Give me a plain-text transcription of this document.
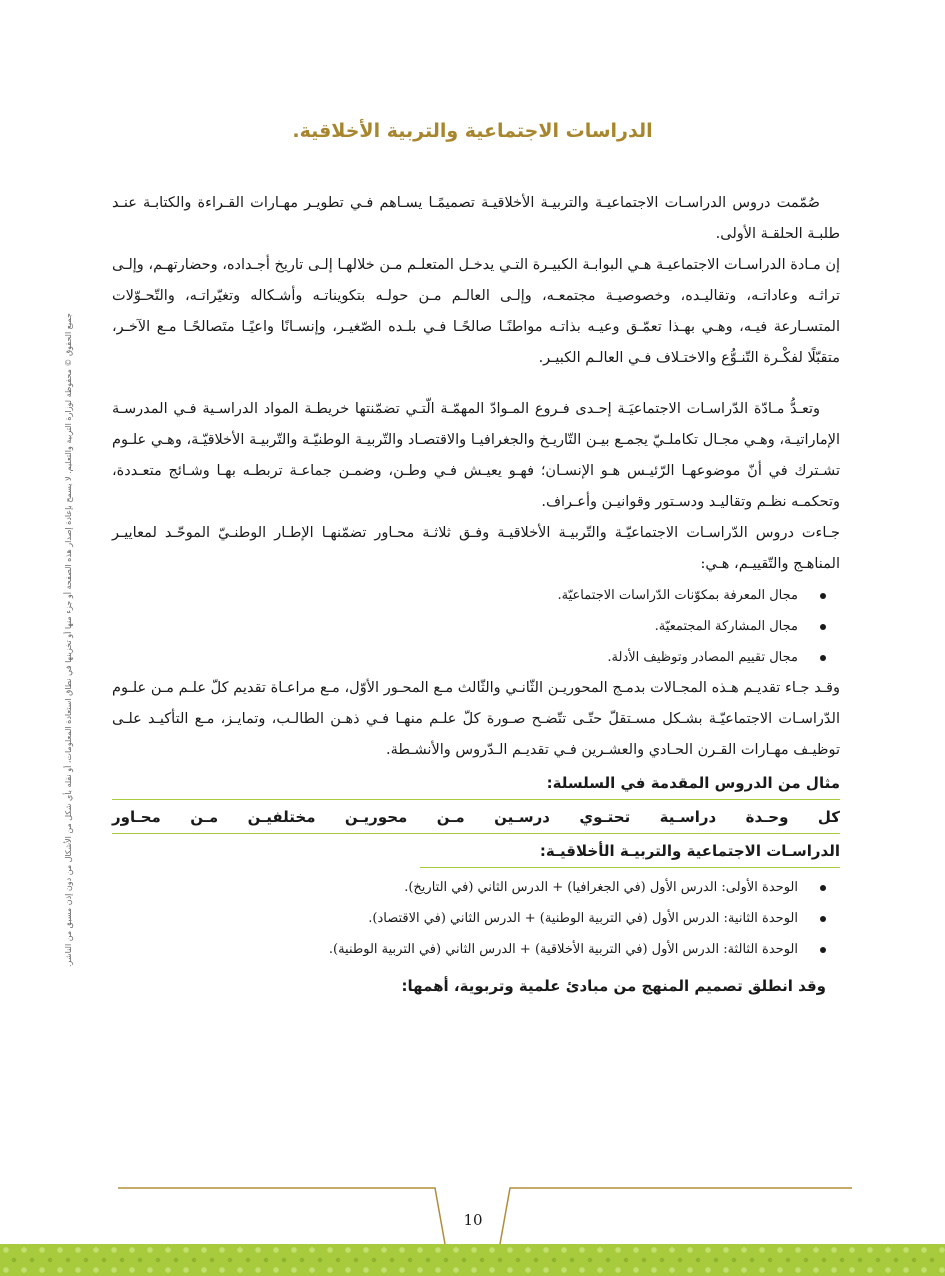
الدراسات الاجتماعية والتربية الأخلاقية.
جميع الحقوق © محفوظة لوزارة التربية والتعليم. لا يسمح بإعادة إصدار هذه الصفحة أو جزء منها أو تخزينها في نطاق استعادة المعلومات، أو نقله بأي شكل من الأشكال من دون إذن مسبق من الناشر.

صُمّمت دروس الدراسـات الاجتماعيـة والتربيـة الأخلاقيـة تصميمًـا يسـاهم فـي تطويـر مهـارات القـراءة والكتابـة عنـد طلبـة الحلقـة الأولى.

إن مـادة الدراسـات الاجتماعيـة هـي البوابـة الكبيـرة التـي يدخـل المتعلـم مـن خلالهـا إلـى تاريخ أجـداده، وحضارتهـم، وإلـى تراثـه وعاداتـه، وتقاليـده، وخصوصيـة مجتمعـه، وإلـى العالـم مـن حولـه بتكويناتـه وأشـكاله وتغيّراتـه، والتّحـوّلات المتسـارعة فيـه، وهـي بهـذا تعمّـق وعيـه بذاتـه مواطنًـا صالحًـا فـي بلـده الصّغيـر، وإنسـانًا واعيًـا متَصالحًـا مـع الآخـر، متقبّلًا لفكْـرة التّنـوُّع والاختـلاف فـي العالـم الكبيـر.

وتعـدُّ مـادّة الدّراسـات الاجتماعيَـة إحـدى فـروع المـوادّ المهمّـة الّتـي تضمّنتها خريطـة المواد الدراسـية فـي المدرسـة الإماراتيـة، وهـي مجـال تكاملـيّ يجمـع بيـن التّاريـخ والجغرافيـا والاقتصـاد والتّربيـة الوطنيّـة والتّربيـة الأخلاقيّـة، وهـي علـوم تشـترك في أنّ موضوعهـا الرّئيـس هـو الإنسـان؛ فهـو يعيـش فـي وطـن، وضمـن جماعـة تربطـه بهـا وشـائج متعـددة، وتحكمـه نظـم وتقاليـد ودسـتور وقوانيـن وأعـراف.

جـاءت دروس الدّراسـات الاجتماعيّـة والتّربيـة الأخلاقيـة وفـق ثلاثـة محـاور تضمّنهـا الإطـار الوطنـيّ الموحّـد لمعاييـر المناهـج والتّقييـم، هـي:

مجال المعرفة بمكوّنات الدّراسات الاجتماعيّة.
مجال المشاركة المجتمعيّة.
مجال تقييم المصادر وتوظيف الأدلة.

وقـد جـاء تقديـم هـذه المجـالات بدمـج المحوريـن الثّانـي والثّالث مـع المحـور الأوّل، مـع مراعـاة تقديم كلّ علـم مـن علـوم الدّراسـات الاجتماعيّـة بشـكل مسـتقلّ حتّـى تتّضـح صـورة كلّ علـم منهـا فـي ذهـن الطالـب، وتمايـز، مـع التأكيـد علـى توظيـف مهـارات القـرن الحـادي والعشـرين فـي تقديـم الـدّروس والأنشـطة.

مثال من الدروس المقدمة في السلسلة:
كل وحـدة دراسـية تحتـوي درسـين مـن محوريـن مختلفيـن مـن محـاور
الدراسـات الاجتماعية والتربيـة الأخلاقيـة:
الوحدة الأولى: الدرس الأول (في الجغرافيا) + الدرس الثاني (في التاريخ).
الوحدة الثانية: الدرس الأول (في التربية الوطنية) + الدرس الثاني (في الاقتصاد).
الوحدة الثالثة: الدرس الأول (في التربية الأخلاقية) + الدرس الثاني (في التربية الوطنية).
وقد انطلق تصميم المنهج من مبادئ علمية وتربوية، أهمها:
10
